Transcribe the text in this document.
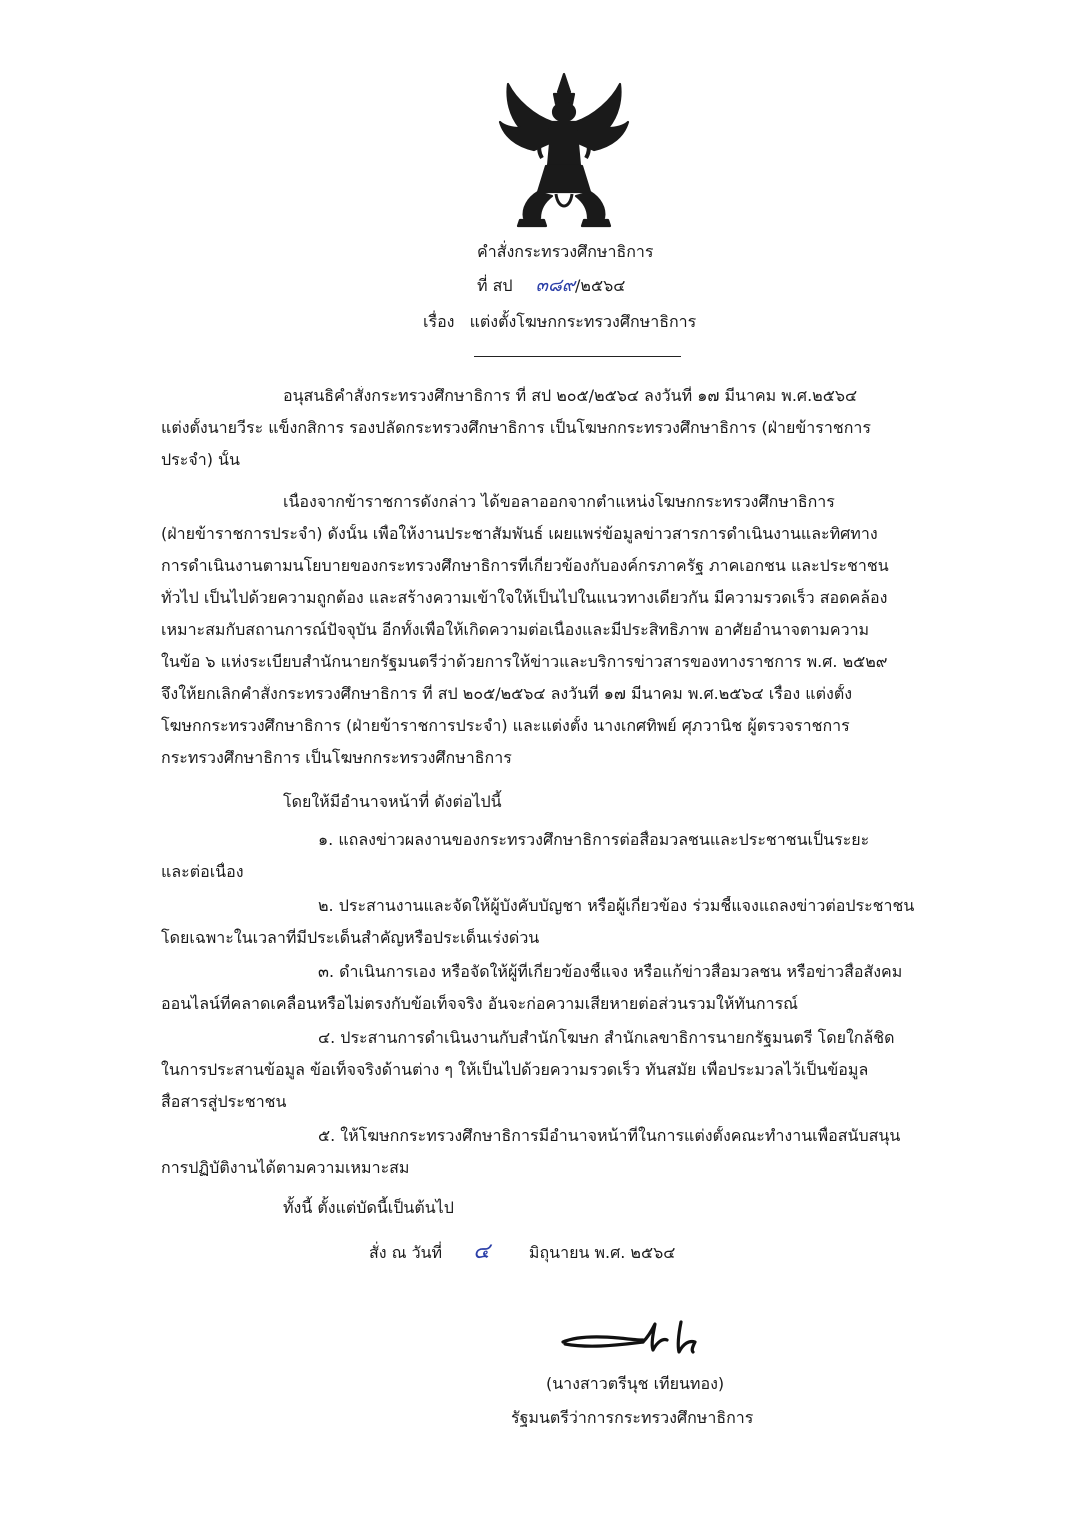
คำสั่งกระทรวงศึกษาธิการ
ที่ สป ๓๘๙/๒๕๖๔
เรื่อง แต่งตั้งโฆษกกระทรวงศึกษาธิการ
อนุสนธิคำสั่งกระทรวงศึกษาธิการ ที่ สป ๒๐๕/๒๕๖๔ ลงวันที่ ๑๗ มีนาคม พ.ศ.๒๕๖๔
แต่งตั้งนายวีระ แข็งกสิการ รองปลัดกระทรวงศึกษาธิการ เป็นโฆษกกระทรวงศึกษาธิการ (ฝ่ายข้าราชการ
ประจำ) นั้น
เนื่องจากข้าราชการดังกล่าว ได้ขอลาออกจากตำแหน่งโฆษกกระทรวงศึกษาธิการ
(ฝ่ายข้าราชการประจำ) ดังนั้น เพื่อให้งานประชาสัมพันธ์ เผยแพร่ข้อมูลข่าวสารการดำเนินงานและทิศทาง
การดำเนินงานตามนโยบายของกระทรวงศึกษาธิการที่เกี่ยวข้องกับองค์กรภาครัฐ ภาคเอกชน และประชาชน
ทั่วไป เป็นไปด้วยความถูกต้อง และสร้างความเข้าใจให้เป็นไปในแนวทางเดียวกัน มีความรวดเร็ว สอดคล้อง
เหมาะสมกับสถานการณ์ปัจจุบัน อีกทั้งเพื่อให้เกิดความต่อเนื่องและมีประสิทธิภาพ อาศัยอำนาจตามความ
ในข้อ ๖ แห่งระเบียบสำนักนายกรัฐมนตรีว่าด้วยการให้ข่าวและบริการข่าวสารของทางราชการ พ.ศ. ๒๕๒๙
จึงให้ยกเลิกคำสั่งกระทรวงศึกษาธิการ ที่ สป ๒๐๕/๒๕๖๔ ลงวันที่ ๑๗ มีนาคม พ.ศ.๒๕๖๔ เรื่อง แต่งตั้ง
โฆษกกระทรวงศึกษาธิการ (ฝ่ายข้าราชการประจำ) และแต่งตั้ง นางเกศทิพย์ ศุภวานิช ผู้ตรวจราชการ
กระทรวงศึกษาธิการ เป็นโฆษกกระทรวงศึกษาธิการ
โดยให้มีอำนาจหน้าที่ ดังต่อไปนี้
๑. แถลงข่าวผลงานของกระทรวงศึกษาธิการต่อสื่อมวลชนและประชาชนเป็นระยะ
และต่อเนื่อง
๒. ประสานงานและจัดให้ผู้บังคับบัญชา หรือผู้เกี่ยวข้อง ร่วมชี้แจงแถลงข่าวต่อประชาชน
โดยเฉพาะในเวลาที่มีประเด็นสำคัญหรือประเด็นเร่งด่วน
๓. ดำเนินการเอง หรือจัดให้ผู้ที่เกี่ยวข้องชี้แจง หรือแก้ข่าวสื่อมวลชน หรือข่าวสื่อสังคม
ออนไลน์ที่คลาดเคลื่อนหรือไม่ตรงกับข้อเท็จจริง อันจะก่อความเสียหายต่อส่วนรวมให้ทันการณ์
๔. ประสานการดำเนินงานกับสำนักโฆษก สำนักเลขาธิการนายกรัฐมนตรี โดยใกล้ชิด
ในการประสานข้อมูล ข้อเท็จจริงด้านต่าง ๆ ให้เป็นไปด้วยความรวดเร็ว ทันสมัย เพื่อประมวลไว้เป็นข้อมูล
สื่อสารสู่ประชาชน
๕. ให้โฆษกกระทรวงศึกษาธิการมีอำนาจหน้าที่ในการแต่งตั้งคณะทำงานเพื่อสนับสนุน
การปฏิบัติงานได้ตามความเหมาะสม
ทั้งนี้ ตั้งแต่บัดนี้เป็นต้นไป
สั่ง ณ วันที่ ๔ มิถุนายน พ.ศ. ๒๕๖๔
(นางสาวตรีนุช เทียนทอง)
รัฐมนตรีว่าการกระทรวงศึกษาธิการ
